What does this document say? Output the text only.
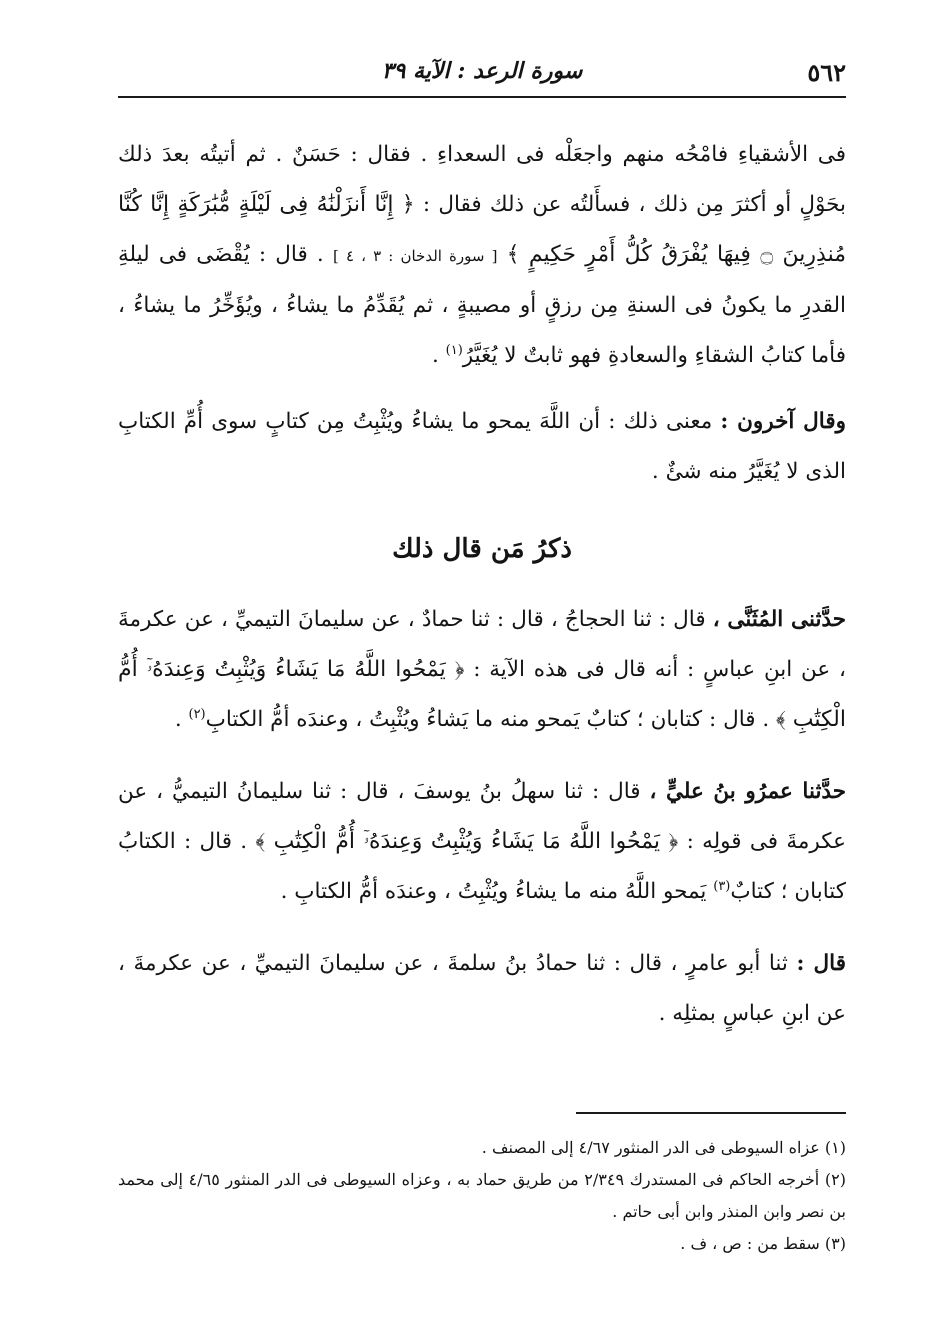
٥٦٢
سورة الرعد : الآية ٣٩

فى الأشقياءِ فامْحُه منهم واجعَلْه فى السعداءِ . فقال : حَسَنٌ . ثم أتيتُه بعدَ ذلك بحَوْلٍ أو أكثرَ مِن ذلك ، فسأَلتُه عن ذلك فقال : ﴿ إِنَّا أَنزَلْنَٰهُ فِى لَيْلَةٍ مُّبَٰرَكَةٍ إِنَّا كُنَّا مُنذِرِينَ ۝ فِيهَا يُفْرَقُ كُلُّ أَمْرٍ حَكِيمٍ ﴾ [ سورة الدخان : ٣ ، ٤ ] . قال : يُقْضَى فى ليلةِ القدرِ ما يكونُ فى السنةِ مِن رزقٍ أو مصيبةٍ ، ثم يُقَدِّمُ ما يشاءُ ، ويُؤَخِّرُ ما يشاءُ ، فأما كتابُ الشقاءِ والسعادةِ فهو ثابتٌ لا يُغَيَّرُ$^{(١)}$ .

وقال آخرون : معنى ذلك : أن اللَّهَ يمحو ما يشاءُ ويُثْبِتُ مِن كتابٍ سوى أُمِّ الكتابِ الذى لا يُغَيَّرُ منه شئٌ .

ذكرُ مَن قال ذلك

حدَّثنى المُثَنَّى ، قال : ثنا الحجاجُ ، قال : ثنا حمادٌ ، عن سليمانَ التيميِّ ، عن عكرمةَ ، عن ابنِ عباسٍ : أنه قال فى هذه الآية : ﴿ يَمْحُوا اللَّهُ مَا يَشَاءُ وَيُثْبِتُ وَعِندَهُۥٓ أُمُّ الْكِتَٰبِ ﴾ . قال : كتابان ؛ كتابٌ يَمحو منه ما يَشاءُ ويُثْبِتُ ، وعندَه أمُّ الكتابِ$^{(٢)}$ .

حدَّثنا عمرُو بنُ عليٍّ ، قال : ثنا سهلُ بنُ يوسفَ ، قال : ثنا سليمانُ التيميُّ ، عن عكرمةَ فى قولِه : ﴿ يَمْحُوا اللَّهُ مَا يَشَاءُ وَيُثْبِتُ وَعِندَهُۥٓ أُمُّ الْكِتَٰبِ ﴾ . قال : الكتابُ كتابان ؛ كتابٌ$^{(٣)}$ يَمحو اللَّهُ منه ما يشاءُ ويُثْبِتُ ، وعندَه أمُّ الكتابِ .

قال : ثنا أبو عامرٍ ، قال : ثنا حمادُ بنُ سلمةَ ، عن سليمانَ التيميِّ ، عن عكرمةَ ، عن ابنِ عباسٍ بمثلِه .

(١) عزاه السيوطى فى الدر المنثور ٤/٦٧ إلى المصنف .

(٢) أخرجه الحاكم فى المستدرك ٢/٣٤٩ من طريق حماد به ، وعزاه السيوطى فى الدر المنثور ٤/٦٥ إلى محمد بن نصر وابن المنذر وابن أبى حاتم .

(٣) سقط من : ص ، ف .
